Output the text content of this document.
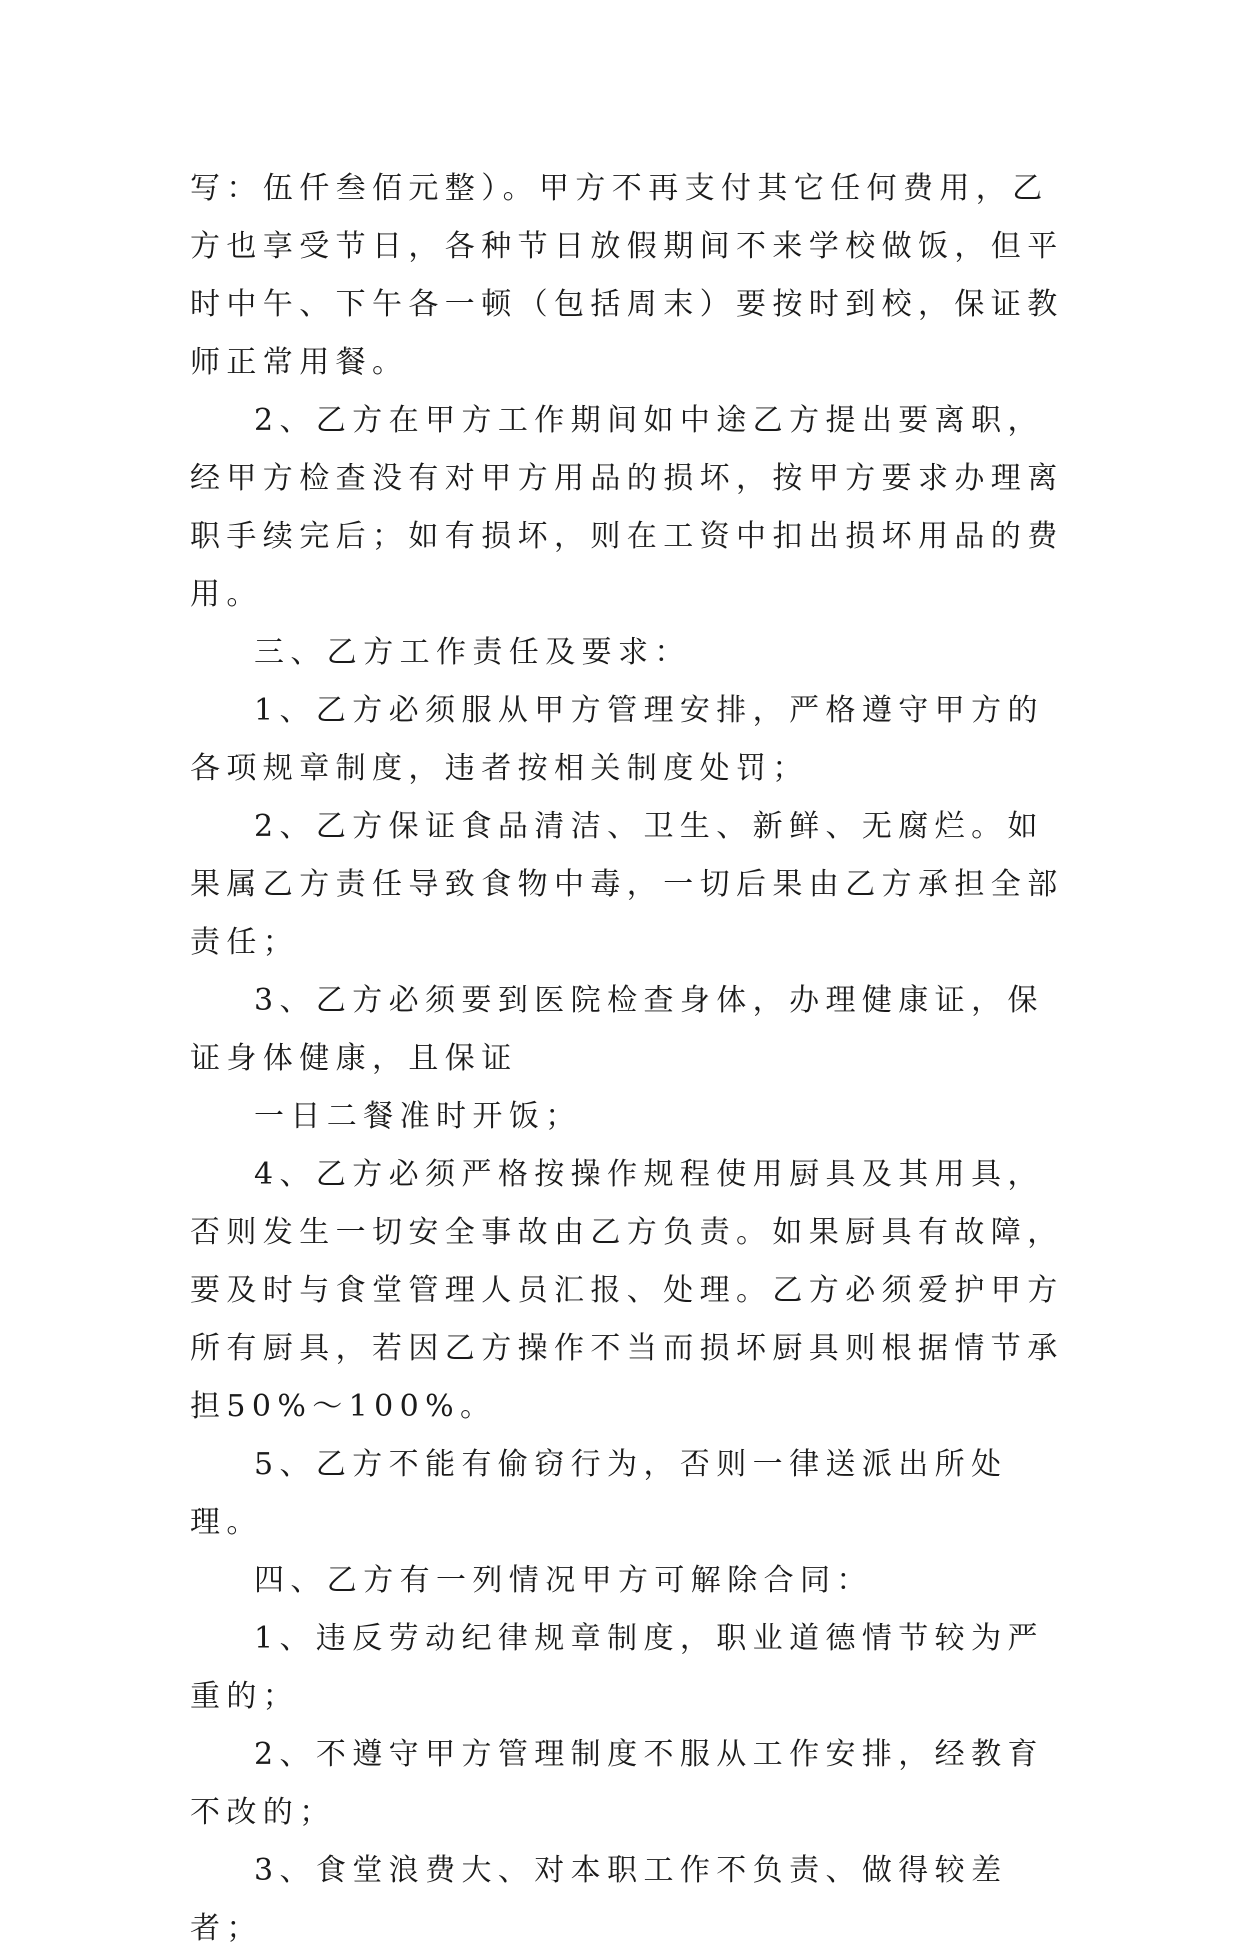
写：伍仟叁佰元整）。甲方不再支付其它任何费用，乙方也享受节日，各种节日放假期间不来学校做饭，但平时中午、下午各一顿（包括周末）要按时到校，保证教师正常用餐。

2、乙方在甲方工作期间如中途乙方提出要离职，经甲方检查没有对甲方用品的损坏，按甲方要求办理离职手续完后；如有损坏，则在工资中扣出损坏用品的费用。

三、乙方工作责任及要求：

1、乙方必须服从甲方管理安排，严格遵守甲方的各项规章制度，违者按相关制度处罚；

2、乙方保证食品清洁、卫生、新鲜、无腐烂。如果属乙方责任导致食物中毒，一切后果由乙方承担全部责任；

3、乙方必须要到医院检查身体，办理健康证，保证身体健康，且保证

一日二餐准时开饭；

4、乙方必须严格按操作规程使用厨具及其用具，否则发生一切安全事故由乙方负责。如果厨具有故障，要及时与食堂管理人员汇报、处理。乙方必须爱护甲方所有厨具，若因乙方操作不当而损坏厨具则根据情节承担50%～100%。

5、乙方不能有偷窃行为，否则一律送派出所处理。

四、乙方有一列情况甲方可解除合同：

1、违反劳动纪律规章制度，职业道德情节较为严重的；

2、不遵守甲方管理制度不服从工作安排，经教育不改的；

3、食堂浪费大、对本职工作不负责、做得较差者；
